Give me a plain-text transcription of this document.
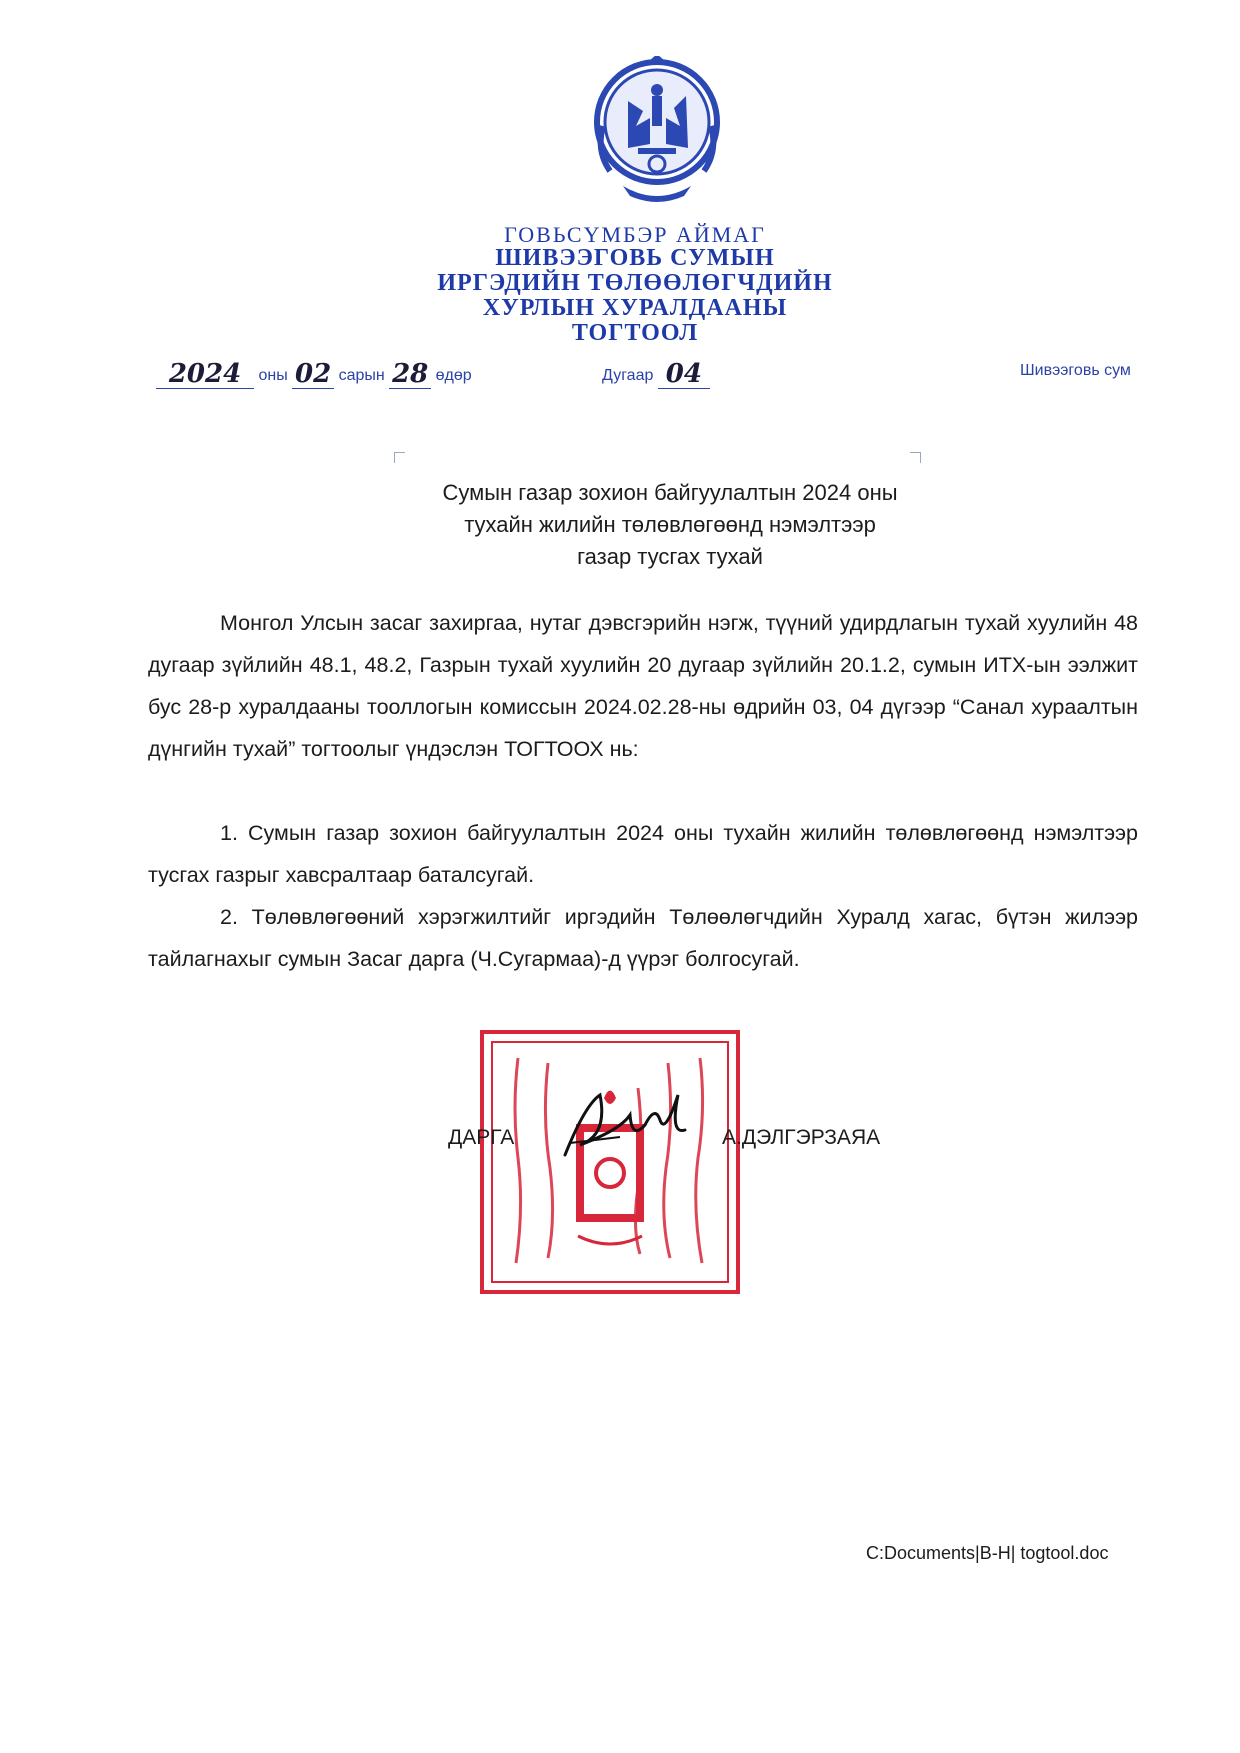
ГОВЬСҮМБЭР АЙМАГ
ШИВЭЭГОВЬ СУМЫН
ИРГЭДИЙН ТӨЛӨӨЛӨГЧДИЙН
ХУРЛЫН ХУРАЛДААНЫ
ТОГТООЛ
2024 оны 02 сарын 28 өдөр	Дугаар 04	Шивээговь сум
Сумын газар зохион байгуулалтын 2024 оны
тухайн жилийн төлөвлөгөөнд нэмэлтээр
газар тусгах тухай
Монгол Улсын засаг захиргаа, нутаг дэвсгэрийн нэгж, түүний удирдлагын тухай хуулийн 48 дугаар зүйлийн 48.1, 48.2, Газрын тухай хуулийн 20 дугаар зүйлийн 20.1.2, сумын ИТХ-ын ээлжит бус 28-р хуралдааны тооллогын комиссын 2024.02.28-ны өдрийн 03, 04 дүгээр “Санал хураалтын дүнгийн тухай” тогтоолыг үндэслэн ТОГТООХ нь:
1. Сумын газар зохион байгуулалтын 2024 оны тухайн жилийн төлөвлөгөөнд нэмэлтээр тусгах газрыг хавсралтаар баталсугай.
2. Төлөвлөгөөний хэрэгжилтийг иргэдийн Төлөөлөгчдийн Хуралд хагас, бүтэн жилээр тайлагнахыг сумын Засаг дарга (Ч.Сугармаа)-д үүрэг болгосугай.
ДАРГА	А.ДЭЛГЭРЗАЯА
C:Documents|B-H| togtool.doc
